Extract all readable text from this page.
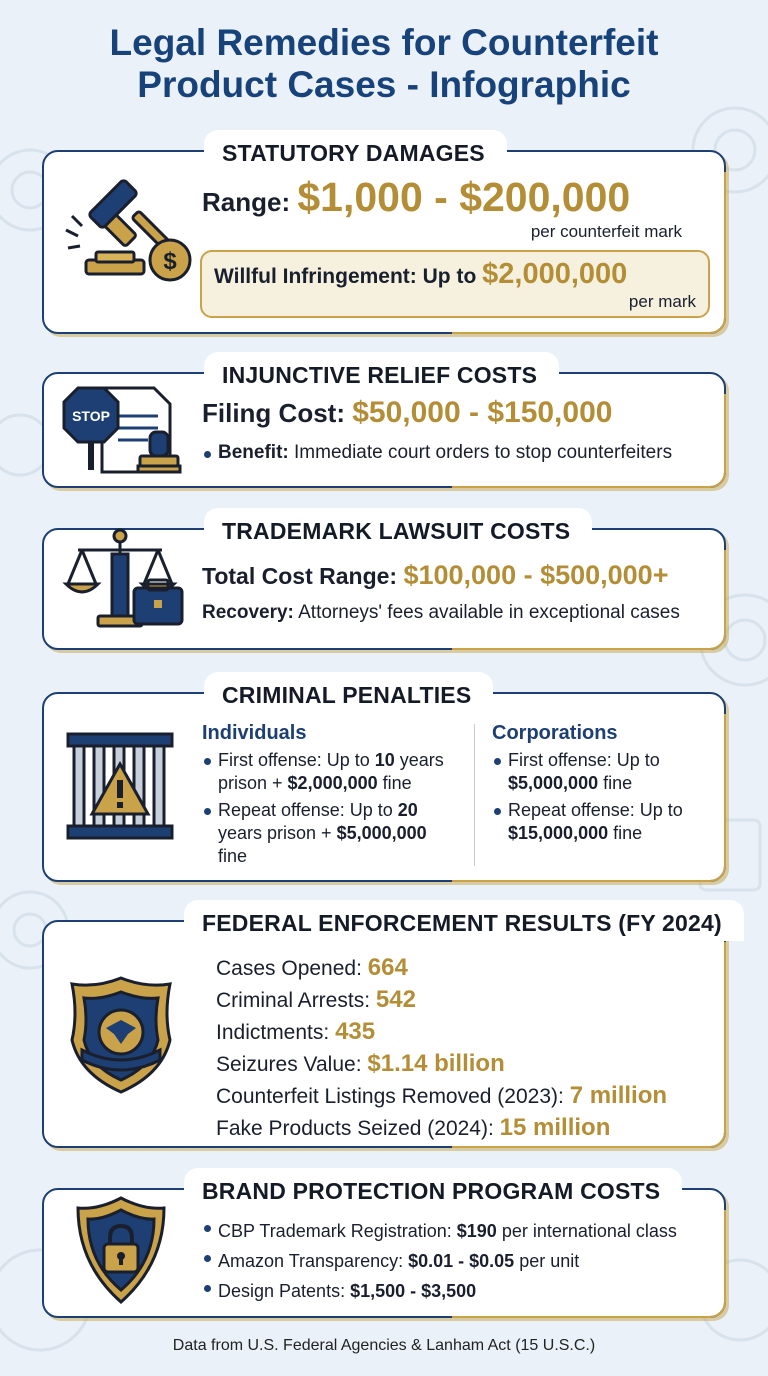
Legal Remedies for Counterfeit
Product Cases - Infographic
STATUTORY DAMAGES
$
Range: $1,000 - $200,000
per counterfeit mark
Willful Infringement: Up to $2,000,000
per mark
INJUNCTIVE RELIEF COSTS
STOP	Filing Cost: $50,000 - $150,000
Benefit: Immediate court orders to stop counterfeiters
TRADEMARK LAWSUIT COSTS
Total Cost Range: $100,000 - $500,000+
Recovery: Attorneys' fees available in exceptional cases
CRIMINAL PENALTIES
Individuals
First offense: Up to 10 years
prison + $2,000,000 fine
Repeat offense: Up to 20
years prison + $5,000,000
fine
Corporations
First offense: Up to
$5,000,000 fine
Repeat offense: Up to
$15,000,000 fine
FEDERAL ENFORCEMENT RESULTS (FY 2024)
Cases Opened: 664
Criminal Arrests: 542
Indictments: 435
Seizures Value: $1.14 billion
Counterfeit Listings Removed (2023): 7 million
Fake Products Seized (2024): 15 million
BRAND PROTECTION PROGRAM COSTS
CBP Trademark Registration: $190 per international class
Amazon Transparency: $0.01 - $0.05 per unit
Design Patents: $1,500 - $3,500
Data from U.S. Federal Agencies & Lanham Act (15 U.S.C.)
